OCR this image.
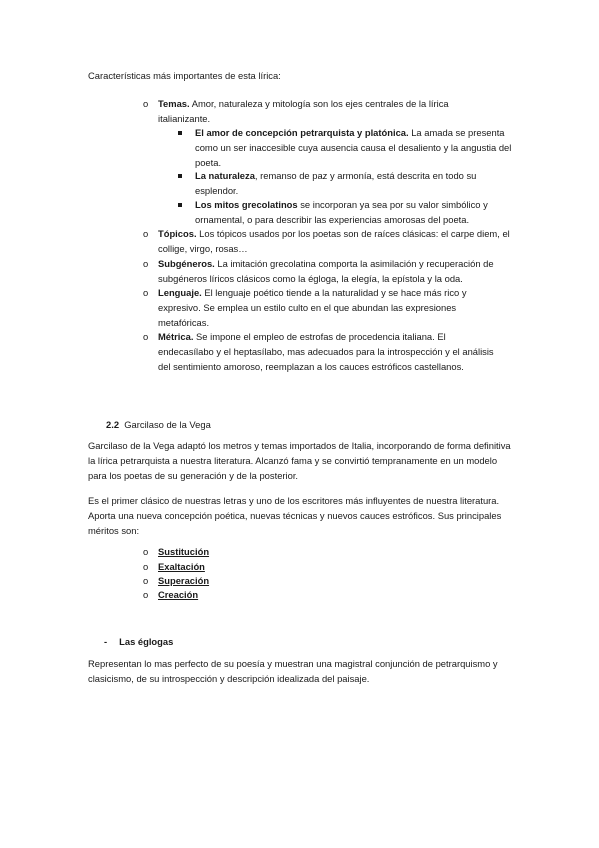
Características más importantes de esta lírica:

o	Temas. Amor, naturaleza y mitología son los ejes centrales de la lírica italianizante.

El amor de concepción petrarquista y platónica. La amada se presenta como un ser inaccesible cuya ausencia causa el desaliento y la angustia del poeta.

La naturaleza, remanso de paz y armonía, está descrita en todo su esplendor.

Los mitos grecolatinos se incorporan ya sea por su valor simbólico y ornamental, o para describir las experiencias amorosas del poeta.

o	Tópicos. Los tópicos usados por los poetas son de raíces clásicas: el carpe diem, el collige, virgo, rosas…

o	Subgéneros. La imitación grecolatina comporta la asimilación y recuperación de subgéneros líricos clásicos como la égloga, la elegía, la epístola y la oda.

o	Lenguaje. El lenguaje poético tiende a la naturalidad y se hace más rico y expresivo. Se emplea un estilo culto en el que abundan las expresiones metafóricas.

o	Métrica. Se impone el empleo de estrofas de procedencia italiana. El endecasílabo y el heptasílabo, mas adecuados para la introspección y el análisis del sentimiento amoroso, reemplazan a los cauces estróficos castellanos.

2.2 Garcilaso de la Vega

Garcilaso de la Vega adaptó los metros y temas importados de Italia, incorporando de forma definitiva la lírica petrarquista a nuestra literatura. Alcanzó fama y se convirtió tempranamente en un modelo para los poetas de su generación y de la posterior.

Es el primer clásico de nuestras letras y uno de los escritores más influyentes de nuestra literatura. Aporta una nueva concepción poética, nuevas técnicas y nuevos cauces estróficos. Sus principales méritos son:

o	Sustitución

o	Exaltación

o	Superación

o	Creación

- Las églogas

Representan lo mas perfecto de su poesía y muestran una magistral conjunción de petrarquismo y clasicismo, de su introspección y descripción idealizada del paisaje.
